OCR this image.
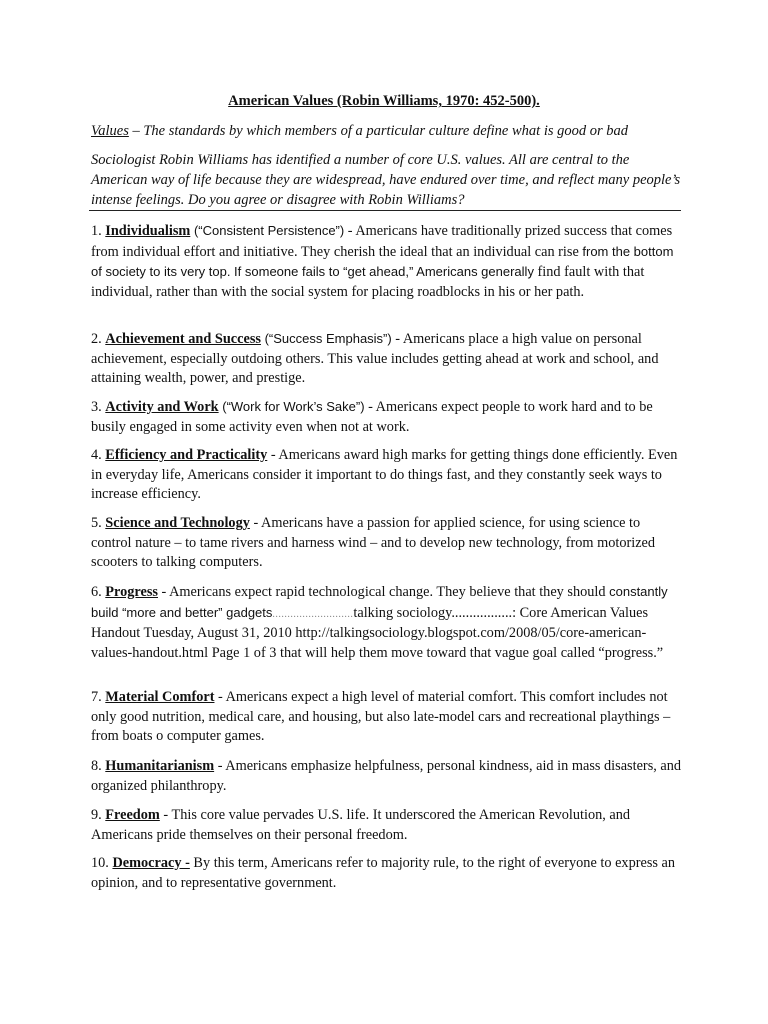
American Values (Robin Williams, 1970: 452-500).
Values – The standards by which members of a particular culture define what is good or bad
Sociologist Robin Williams has identified a number of core U.S. values. All are central to the American way of life because they are widespread, have endured over time, and reflect many people’s intense feelings. Do you agree or disagree with Robin Williams?
1. Individualism (“Consistent Persistence”) - Americans have traditionally prized success that comes from individual effort and initiative. They cherish the ideal that an individual can rise from the bottom of society to its very top. If someone fails to “get ahead,” Americans generally find fault with that individual, rather than with the social system for placing roadblocks in his or her path.
2. Achievement and Success (“Success Emphasis”) - Americans place a high value on personal achievement, especially outdoing others. This value includes getting ahead at work and school, and attaining wealth, power, and prestige.
3. Activity and Work (“Work for Work’s Sake”) - Americans expect people to work hard and to be busily engaged in some activity even when not at work.
4. Efficiency and Practicality - Americans award high marks for getting things done efficiently. Even in everyday life, Americans consider it important to do things fast, and they constantly seek ways to increase efficiency.
5. Science and Technology - Americans have a passion for applied science, for using science to control nature – to tame rivers and harness wind – and to develop new technology, from motorized scooters to talking computers.
6. Progress - Americans expect rapid technological change. They believe that they should constantly build “more and better” gadgets...........................talking sociology.................: Core American Values Handout Tuesday, August 31, 2010 http://talkingsociology.blogspot.com/2008/05/core-american-values-handout.html Page 1 of 3 that will help them move toward that vague goal called “progress.”
7. Material Comfort - Americans expect a high level of material comfort. This comfort includes not only good nutrition, medical care, and housing, but also late-model cars and recreational playthings – from boats o computer games.
8. Humanitarianism - Americans emphasize helpfulness, personal kindness, aid in mass disasters, and organized philanthropy.
9. Freedom - This core value pervades U.S. life. It underscored the American Revolution, and Americans pride themselves on their personal freedom.
10. Democracy - By this term, Americans refer to majority rule, to the right of everyone to express an opinion, and to representative government.
